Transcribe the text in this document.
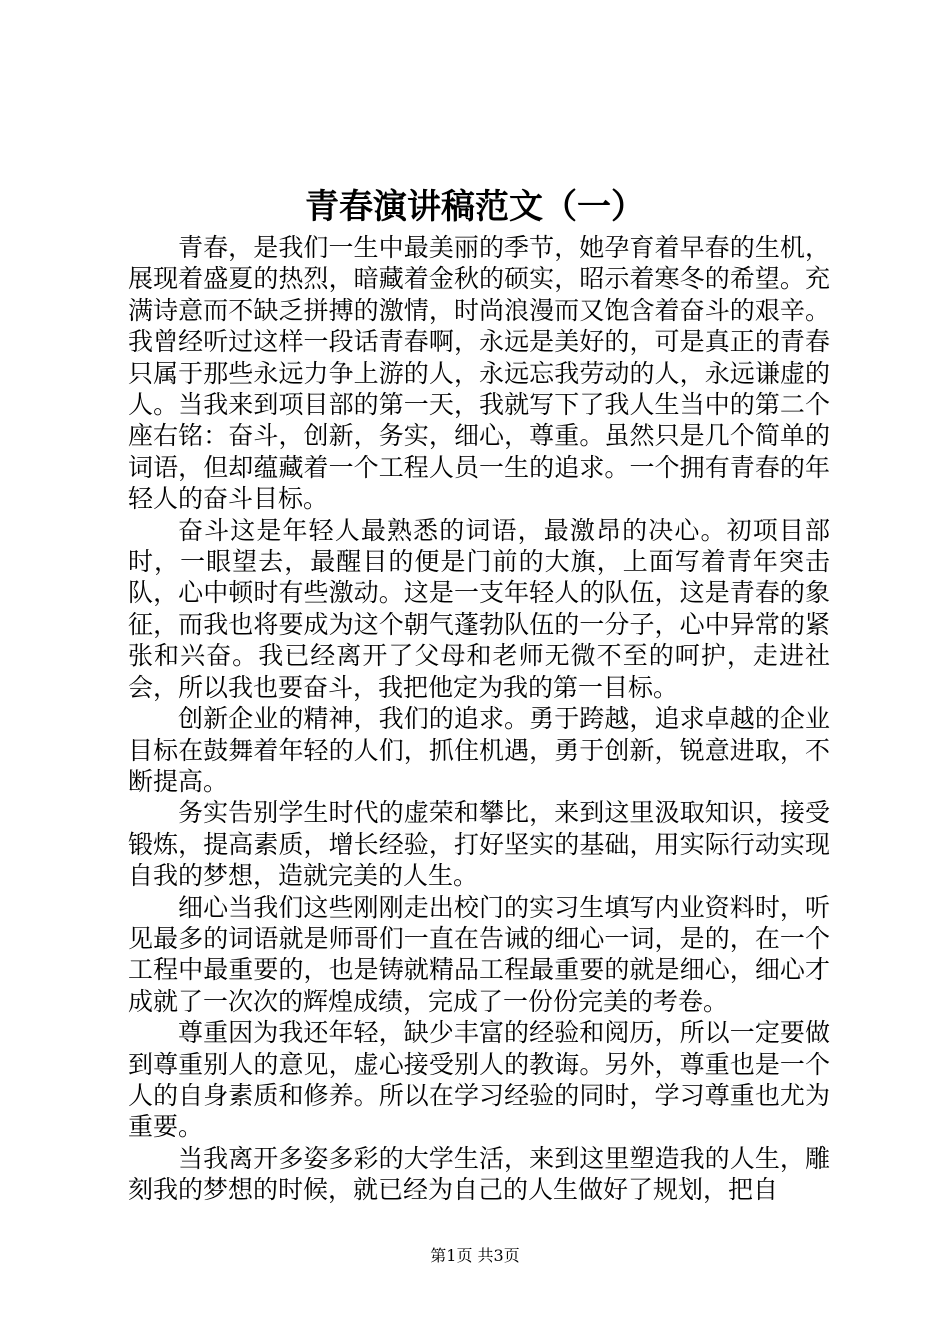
青春演讲稿范文（一）

青春，是我们一生中最美丽的季节，她孕育着早春的生机，展现着盛夏的热烈，暗藏着金秋的硕实，昭示着寒冬的希望。充满诗意而不缺乏拼搏的激情，时尚浪漫而又饱含着奋斗的艰辛。我曾经听过这样一段话青春啊，永远是美好的，可是真正的青春只属于那些永远力争上游的人，永远忘我劳动的人，永远谦虚的人。当我来到项目部的第一天，我就写下了我人生当中的第二个座右铭：奋斗，创新，务实，细心，尊重。虽然只是几个简单的词语，但却蕴藏着一个工程人员一生的追求。一个拥有青春的年轻人的奋斗目标。

奋斗这是年轻人最熟悉的词语，最激昂的决心。初项目部时，一眼望去，最醒目的便是门前的大旗，上面写着青年突击队，心中顿时有些激动。这是一支年轻人的队伍，这是青春的象征，而我也将要成为这个朝气蓬勃队伍的一分子，心中异常的紧张和兴奋。我已经离开了父母和老师无微不至的呵护，走进社会，所以我也要奋斗，我把他定为我的第一目标。

创新企业的精神，我们的追求。勇于跨越，追求卓越的企业目标在鼓舞着年轻的人们，抓住机遇，勇于创新，锐意进取，不断提高。

务实告别学生时代的虚荣和攀比，来到这里汲取知识，接受锻炼，提高素质，增长经验，打好坚实的基础，用实际行动实现自我的梦想，造就完美的人生。

细心当我们这些刚刚走出校门的实习生填写内业资料时，听见最多的词语就是师哥们一直在告诫的细心一词，是的，在一个工程中最重要的，也是铸就精品工程最重要的就是细心，细心才成就了一次次的辉煌成绩，完成了一份份完美的考卷。

尊重因为我还年轻，缺少丰富的经验和阅历，所以一定要做到尊重别人的意见，虚心接受别人的教诲。另外，尊重也是一个人的自身素质和修养。所以在学习经验的同时，学习尊重也尤为重要。

当我离开多姿多彩的大学生活，来到这里塑造我的人生，雕刻我的梦想的时候，就已经为自己的人生做好了规划，把自

第1页 共3页
